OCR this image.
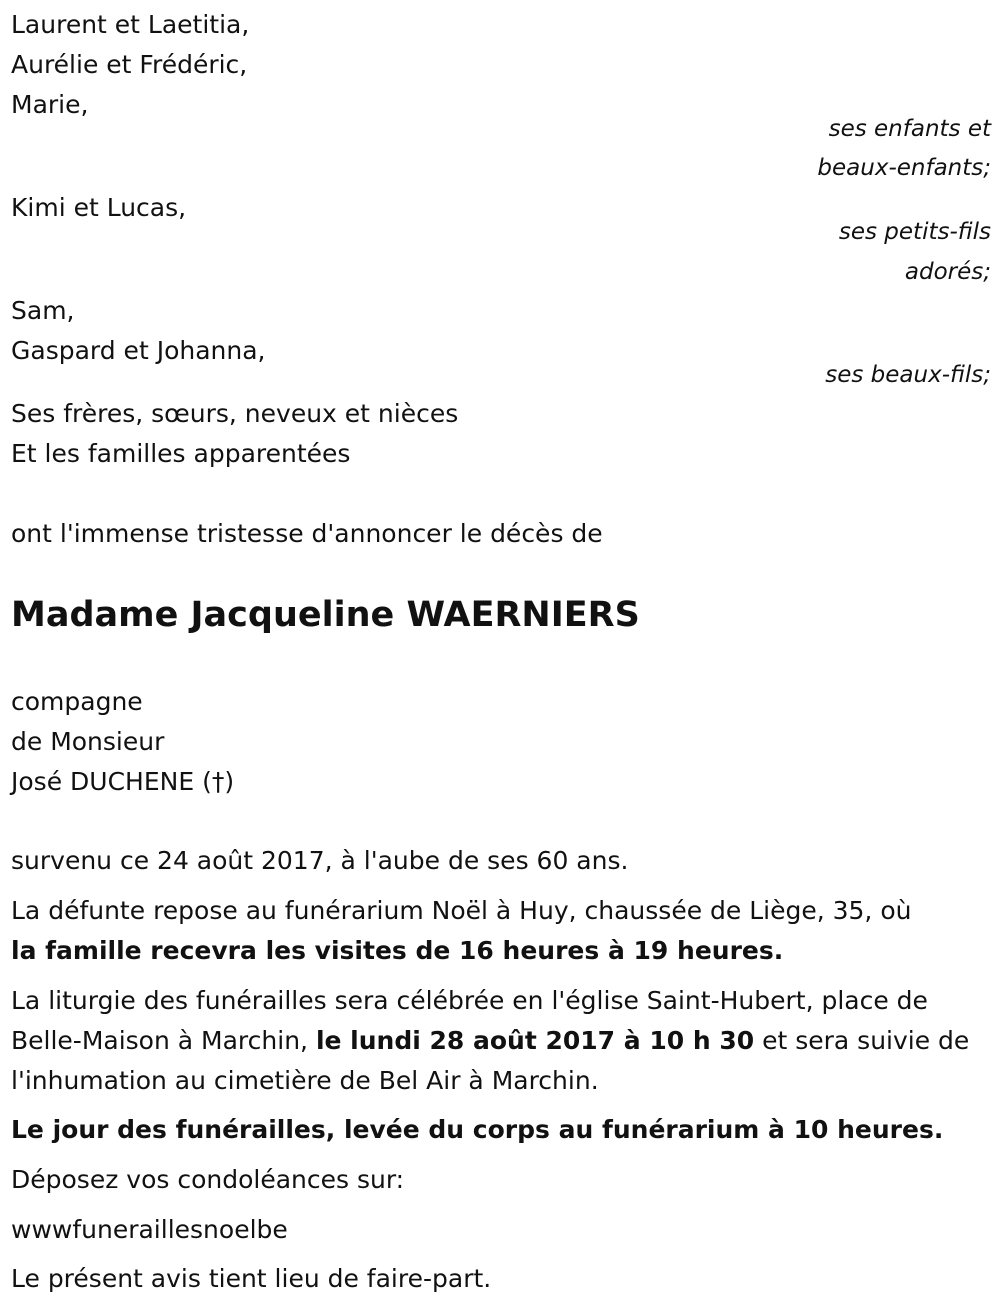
Laurent et Laetitia,
Aurélie et Frédéric,
Marie,
ses enfants et
beaux-enfants;
Kimi et Lucas,
ses petits-fils
adorés;
Sam,
Gaspard et Johanna,
ses beaux-fils;
Ses frères, sœurs, neveux et nièces
Et les familles apparentées
ont l'immense tristesse d'annoncer le décès de
Madame Jacqueline WAERNIERS
compagne
de Monsieur
José DUCHENE (†)
survenu ce 24 août 2017, à l'aube de ses 60 ans.
La défunte repose au funérarium Noël à Huy, chaussée de Liège, 35, où
la famille recevra les visites de 16 heures à 19 heures.
La liturgie des funérailles sera célébrée en l'église Saint-Hubert, place de
Belle-Maison à Marchin, le lundi 28 août 2017 à 10 h 30 et sera suivie de
l'inhumation au cimetière de Bel Air à Marchin.
Le jour des funérailles, levée du corps au funérarium à 10 heures.
Déposez vos condoléances sur:
wwwfuneraillesnoelbe
Le présent avis tient lieu de faire-part.
